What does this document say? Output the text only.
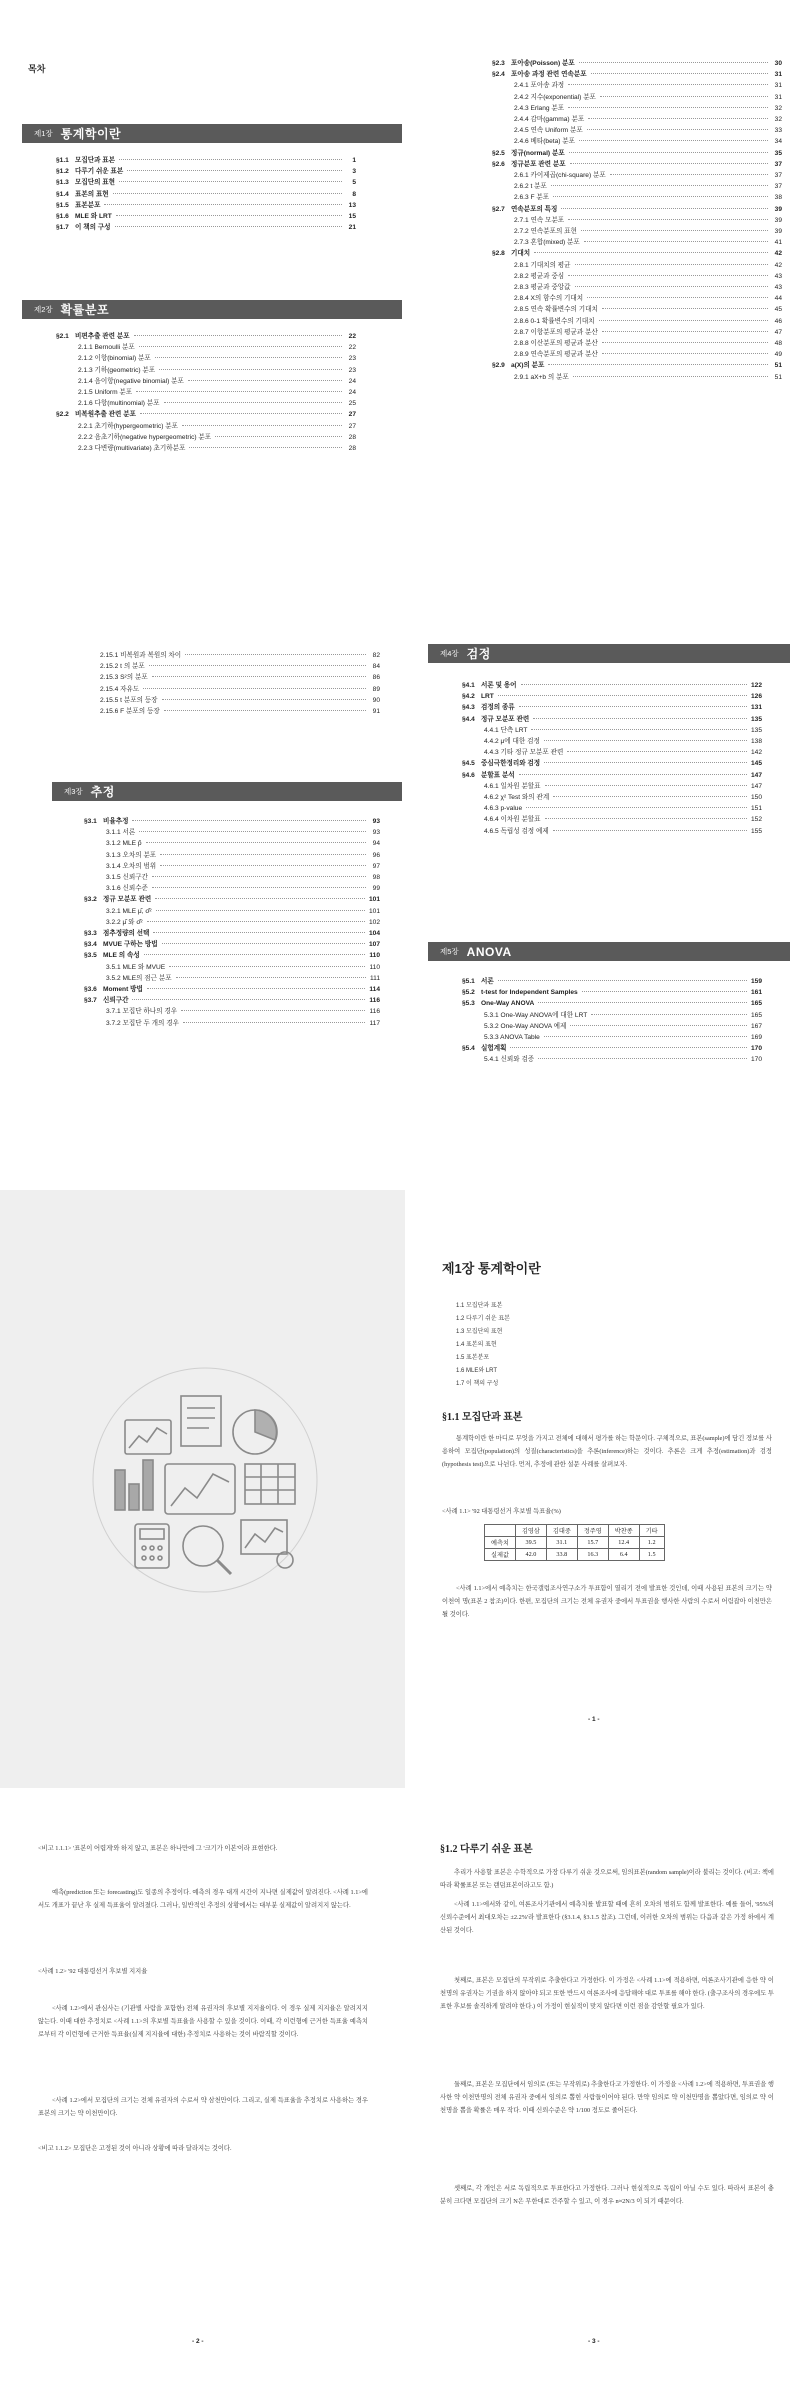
목차
제1장 통계학이란
§1.1 모집단과 표본	1
§1.2 다루기 쉬운 표본	3
§1.3 모집단의 표현	5
§1.4 표본의 표현	8
§1.5 표본분포	13
§1.6 MLE 와 LRT	15
§1.7 이 책의 구성	21
제2장 확률분포
§2.1 비편추출 관련 분포	22
2.1.1 Bernoulli 분포	22
2.1.2 이항(binomial) 분포	23
2.1.3 기하(geometric) 분포	23
2.1.4 음이항(negative binomial) 분포	24
2.1.5 Uniform 분포	24
2.1.6 다항(multinomial) 분포	25
§2.2 비복원추출 관련 분포	27
2.2.1 초기하(hypergeometric) 분포	27
2.2.2 음초기하(negative hypergeometric) 분포	28
2.2.3 다변량(multivariate) 초기하분포	28
§2.3 포아송(Poisson) 분포	30
§2.4 포아송 과정 관련 연속분포	31
2.4.1 포아송 과정	31
2.4.2 지수(exponential) 분포	31
2.4.3 Erlang 분포	32
2.4.4 감마(gamma) 분포	32
2.4.5 연속 Uniform 분포	33
2.4.6 베타(beta) 분포	34
§2.5 정규(normal) 분포	35
§2.6 정규분포 관련 분포	37
2.6.1 카이제곱(chi-square) 분포	37
2.6.2 t 분포	37
2.6.3 F 분포	38
§2.7 연속분포의 특징	39
2.7.1 연속 모분포	39
2.7.2 연속분포의 표현	39
2.7.3 혼합(mixed) 분포	41
§2.8 기대치	42
2.8.1 기대치의 평균	42
2.8.2 평균과 중심	43
2.8.3 평균과 중앙값	43
2.8.4 X의 함수의 기대치	44
2.8.5 연속 확률변수의 기대치	45
2.8.6 0-1 확률변수의 기대치	46
2.8.7 이항분포의 평균과 분산	47
2.8.8 이산분포의 평균과 분산	48
2.8.9 연속분포의 평균과 분산	49
§2.9 a(X)의 분포	51
2.9.1 aX+b 의 분포	51
2.15.1 비복원과 복원의 차이	82
2.15.2 t 의 분포	84
2.15.3 S²의 분포	86
2.15.4 자유도	89
2.15.5 t 분포의 등장	90
2.15.6 F 분포의 등장	91
제3장 추정
§3.1 비율추정	93
3.1.1 서론	93
3.1.2 MLE p̂	94
3.1.3 오차의 분포	96
3.1.4 오차의 범위	97
3.1.5 신뢰구간	98
3.1.6 신뢰수준	99
§3.2 정규 모분포 관련	101
3.2.1 MLE μ̂, σ̂²	101
3.2.2 μ̂ 와 σ̂²	102
§3.3 점추정량의 선택	104
§3.4 MVUE 구하는 방법	107
§3.5 MLE 의 속성	110
3.5.1 MLE 와 MVUE	110
3.5.2 MLE의 점근 분포	111
§3.6 Moment 방법	114
§3.7 신뢰구간	116
3.7.1 모집단 하나의 경우	116
3.7.2 모집단 두 개의 경우	117
제4장 검정
§4.1 서론 및 용어	122
§4.2 LRT	126
§4.3 검정의 종류	131
§4.4 정규 모분포 관련	135
4.4.1 단측 LRT	135
4.4.2 μ에 대한 검정	138
4.4.3 기타 정규 모분포 관련	142
§4.5 중심극한정리와 검정	145
§4.6 분할표 분석	147
4.6.1 일차원 분할표	147
4.6.2 χ² Test 와의 관계	150
4.6.3 p-value	151
4.6.4 이차원 분할표	152
4.6.5 독립성 검정 예제	155
제5장 ANOVA
§5.1 서론	159
§5.2 t-test for Independent Samples	161
§5.3 One-Way ANOVA	165
5.3.1 One-Way ANOVA에 대한 LRT	165
5.3.2 One-Way ANOVA 예제	167
5.3.3 ANOVA Table	169
§5.4 실험계획	170
5.4.1 신뢰와 검증	170
제1장 통계학이란
1.1 모집단과 표본
1.2 다루기 쉬운 표본
1.3 모집단의 표현
1.4 표본의 표현
1.5 표본분포
1.6 MLE와 LRT
1.7 이 책의 구성
§1.1 모집단과 표본
통계학이란 한 마디로 무엇을 가지고 전체에 대해서 평가를 하는 학문이다. 구체적으로, 표본(sample)에 담긴 정보를 사용하여 모집단(population)의 성질(characteristics)을 추론(inference)하는 것이다. 추론은 크게 추정(estimation)과 검정(hypothesis test)으로 나뉜다. 먼저, 추정에 관한 설문 사례를 살펴보자.
<사례 1.1> '92 대통령선거 후보별 득표율(%)
	김영삼	김대중	정주영	박찬종	기타
예측치	39.5	31.1	15.7	12.4	1.2
실제값	42.0	33.8	16.3	6.4	1.5
<사례 1.1>에서 예측치는 한국갤럽조사연구소가 투표함이 열리기 전에 발표한 것인데, 이때 사용된 표본의 크기는 약 이천여 명(표본 2 참조)이다. 한편, 모집단의 크기는 전체 유권자 중에서 투표권을 행사한 사람의 수로서 어림잡아 이천만은 될 것이다.
- 1 -
<비고 1.1.1> '표본이 어렵게'와 하지 않고, 표본은 하나만에 그 '크기가 이본'이라 표현한다.
예측(prediction 또는 forecasting)도 일종의 추정이다. 예측의 경우 대개 시간이 지나면 실제값이 알려진다. <사례 1.1>에서도 개표가 끝난 후 실제 득표율이 알려졌다. 그러나, 일반적인 추정의 상황에서는 대부분 실제값이 알려지지 않는다.
<사례 1.2> '92 대통령선거 후보별 지지율
<사례 1.2>에서 관심사는 (기관별 사람을 포함한) 전체 유권자의 후보별 지지율이다. 이 경우 실제 지지율은 알려지지 않는다. 이때 대한 추정치로 <사례 1.1>의 후보별 득표율을 사용할 수 있을 것이다. 이때, 각 이런형에 근거한 득표율 예측치로부터 각 이런형에 근거한 득표율(실제 지지율에 대한) 추정치로 사용하는 것이 바람직할 것이다.
<사례 1.2>에서 모집단의 크기는 전체 유권자의 수로서 약 삼천만이다. 그리고, 실제 득표율을 추정치로 사용하는 경우 표본의 크기는 약 이천만이다.
<비고 1.1.2> 모집단은 고정된 것이 아니라 상황에 따라 달라지는 것이다.
- 2 -
§1.2 다루기 쉬운 표본
추리가 사용할 표본은 수학적으로 가장 다루기 쉬운 것으로써, 임의표본(random sample)이라 불리는 것이다. (비고: 책에 따라 확률표본 또는 랜덤표본이라고도 함.)
<사례 1.1>에서와 같이, 여론조사기관에서 예측치를 발표할 때에 흔히 오차의 범위도 함께 발표한다. 예를 들어, '95%의 신뢰수준에서 최대오차는 ±2.2%'라 발표한다 (§3.1.4, §3.1.5 참조). 그런데, 이러한 오차의 범위는 다음과 같은 가정 하에서 계산된 것이다.
첫째로, 표본은 모집단의 무작위로 추출한다고 가정한다. 이 가정은 <사례 1.1>에 적용하면, 여론조사기관에 응한 약 이천명의 유권자는 기권을 하지 않아야 되고 또한 반드시 여론조사에 응답해야 대로 투표를 해야 한다. (출구조사의 경우에도 투표한 후보를 솔직하게 알려야 한다.) 이 가정이 현실적이 맞지 않다면 이런 점을 감안할 필요가 있다.
둘째로, 표본은 모집단에서 임의로 (또는 무작위로) 추출한다고 가정한다. 이 가정을 <사례 1.2>에 적용하면, 투표권을 행사한 약 이천만명의 전체 유권자 중에서 임의로 뽑힌 사람들이어야 된다. 만약 임의로 약 이천만명을 뽑았다면, 임의로 약 이천명을 뽑을 확률은 매우 작다. 이때 신뢰수준은 약 1/100 정도로 줄어든다.
셋째로, 각 개인은 서로 독립적으로 투표한다고 가정한다. 그러나 현실적으로 독립이 아닐 수도 있다. 따라서 표본이 충분히 크다면 모집단의 크기 N은 무한대로 간주할 수 있고, 이 경우 n≈2N/3 이 되기 때문이다.
- 3 -
